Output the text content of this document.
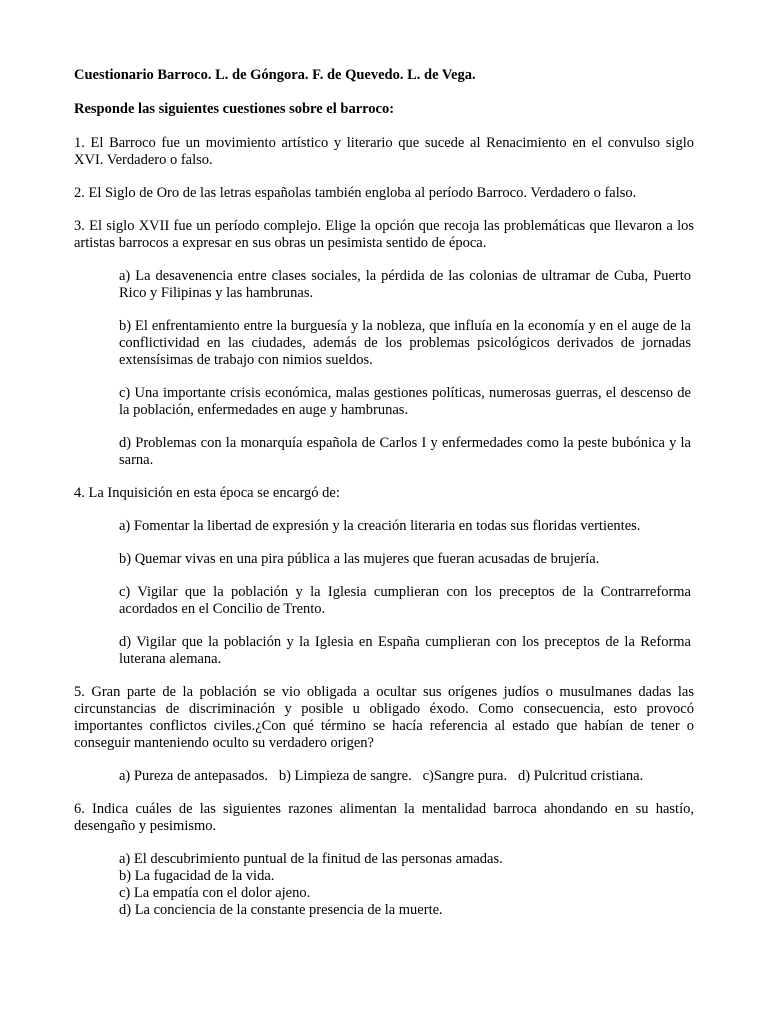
Cuestionario Barroco. L. de Góngora. F. de Quevedo. L. de Vega.

Responde las siguientes cuestiones sobre el barroco:

1. El Barroco fue un movimiento artístico y literario que sucede al Renacimiento en el convulso siglo XVI. Verdadero o falso.

2. El Siglo de Oro de las letras españolas también engloba al período Barroco. Verdadero o falso.

3. El siglo XVII fue un período complejo. Elige la opción que recoja las problemáticas que llevaron a los artistas barrocos a expresar en sus obras un pesimista sentido de época.

a) La desavenencia entre clases sociales, la pérdida de las colonias de ultramar de Cuba, Puerto Rico y Filipinas y las hambrunas.

b) El enfrentamiento entre la burguesía y la nobleza, que influía en la economía y en el auge de la conflictividad en las ciudades, además de los problemas psicológicos derivados de jornadas extensísimas de trabajo con nimios sueldos.

c) Una importante crisis económica, malas gestiones políticas, numerosas guerras, el descenso de la población, enfermedades en auge y hambrunas.

d) Problemas con la monarquía española de Carlos I y enfermedades como la peste bubónica y la sarna.

4. La Inquisición en esta época se encargó de:

a) Fomentar la libertad de expresión y la creación literaria en todas sus floridas vertientes.

b) Quemar vivas en una pira pública a las mujeres que fueran acusadas de brujería.

c) Vigilar que la población y la Iglesia cumplieran con los preceptos de la Contrarreforma acordados en el Concilio de Trento.

d) Vigilar que la población y la Iglesia en España cumplieran con los preceptos de la Reforma luterana alemana.

5. Gran parte de la población se vio obligada a ocultar sus orígenes judíos o musulmanes dadas las circunstancias de discriminación y posible u obligado éxodo. Como consecuencia, esto provocó importantes conflictos civiles.¿Con qué término se hacía referencia al estado que habían de tener o conseguir manteniendo oculto su verdadero origen?

a) Pureza de antepasados.   b) Limpieza de sangre.   c)Sangre pura.   d) Pulcritud cristiana.

6. Indica cuáles de las siguientes razones alimentan la mentalidad barroca ahondando en su hastío, desengaño y pesimismo.

a) El descubrimiento puntual de la finitud de las personas amadas.

b) La fugacidad de la vida.

c) La empatía con el dolor ajeno.

d) La conciencia de la constante presencia de la muerte.
